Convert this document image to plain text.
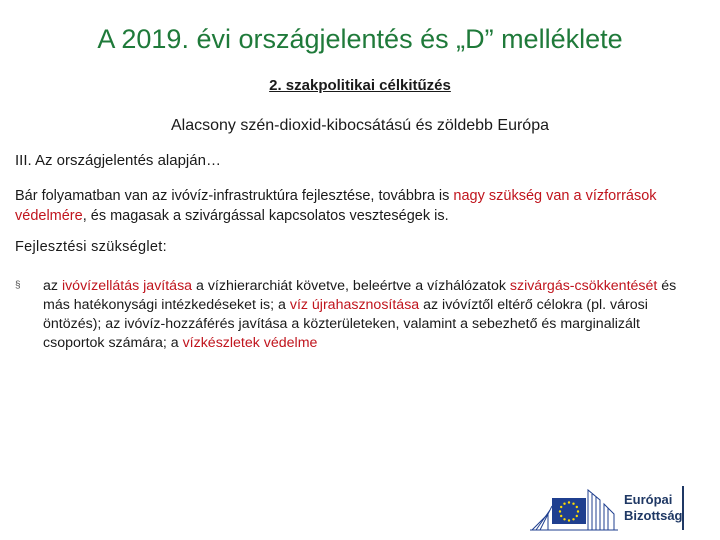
A 2019. évi országjelentés és „D” melléklete
2. szakpolitikai célkitűzés
Alacsony szén-dioxid-kibocsátású és zöldebb Európa
III. Az országjelentés alapján…
Bár folyamatban van az ivóvíz-infrastruktúra fejlesztése, továbbra is nagy szükség van a vízforrások védelmére, és magasak a szivárgással kapcsolatos veszteségek is.
Fejlesztési szükséglet:
§ az ivóvízellátás javítása a vízhierarchiát követve, beleértve a vízhálózatok szivárgás-csökkentését és más hatékonysági intézkedéseket is; a víz újrahasznosítása az ivóvíztől eltérő célokra (pl. városi öntözés); az ivóvíz-hozzáférés javítása a közterületeken, valamint a sebezhető és marginalizált csoportok számára; a vízkészletek védelme
Európai
Bizottság
